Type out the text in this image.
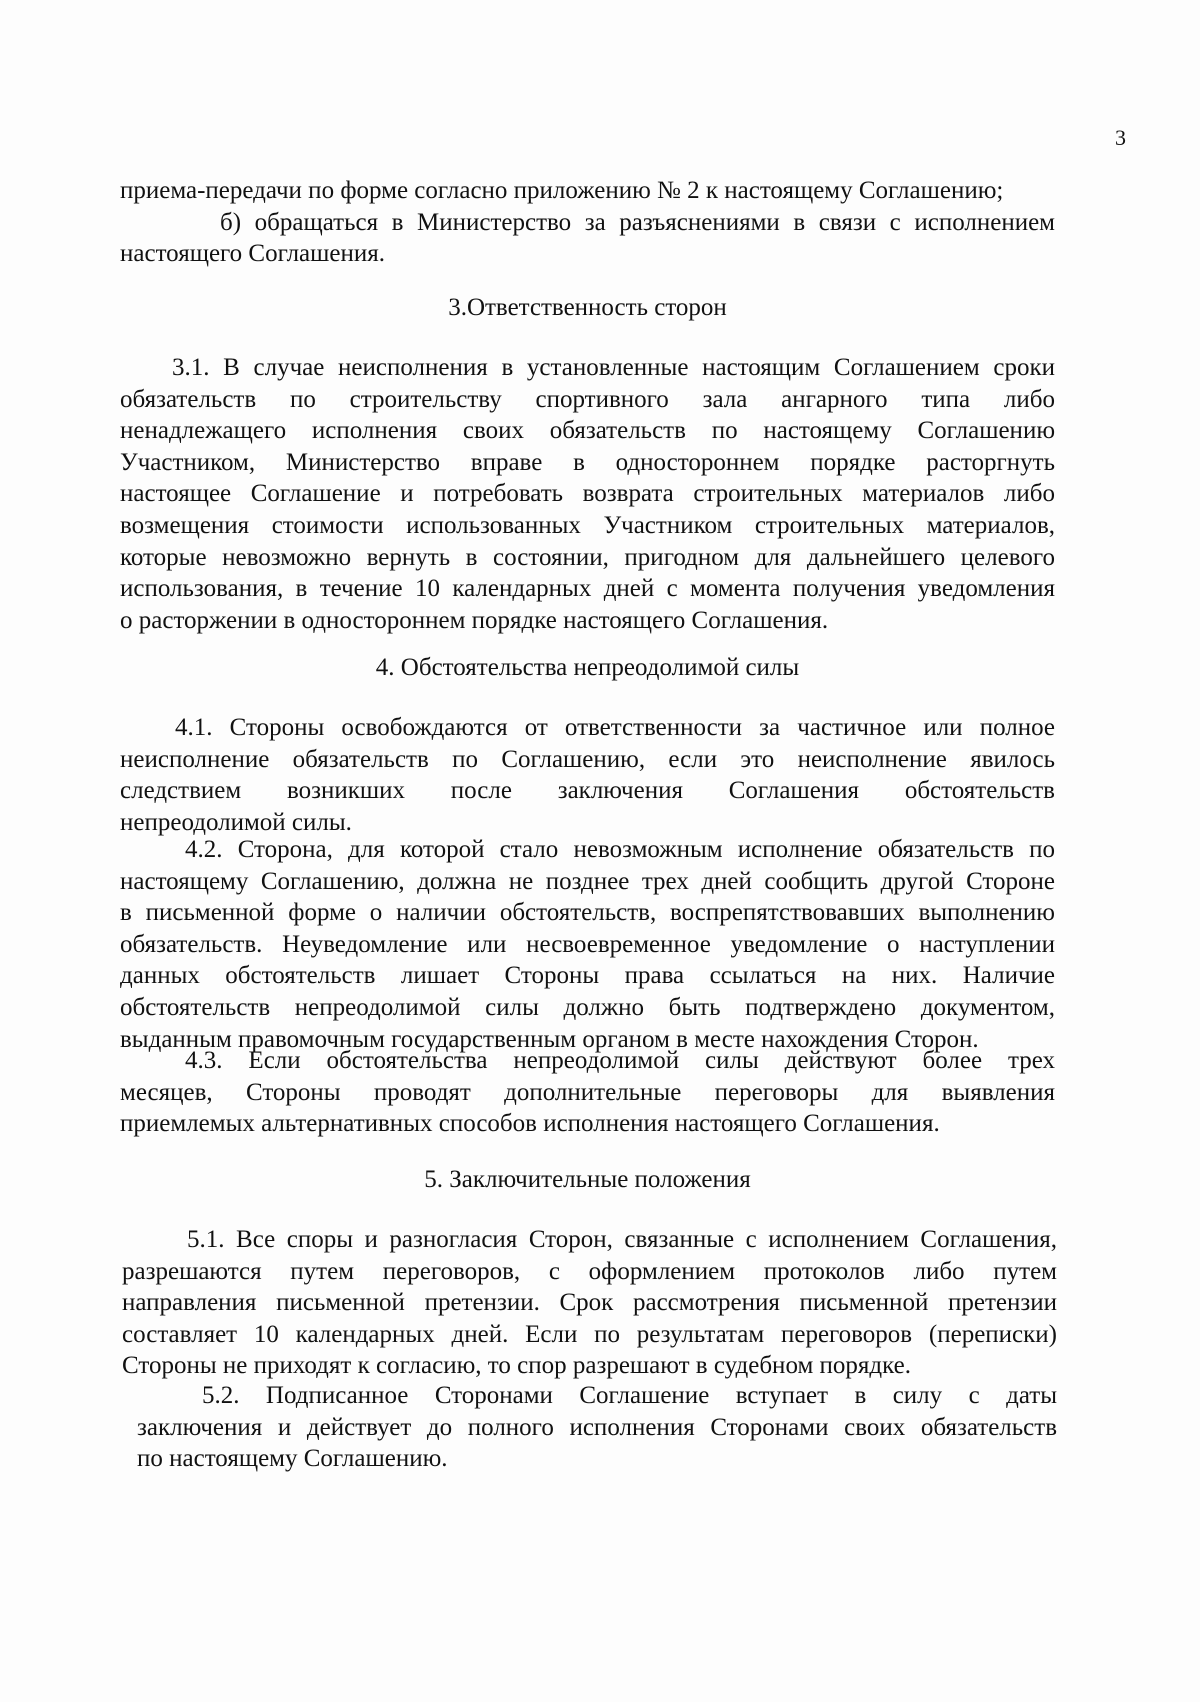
3
приема-передачи по форме согласно приложению № 2 к настоящему Соглашению;
б) обращаться в Министерство за разъяснениями в связи с исполнением
настоящего Соглашения.
3.Ответственность сторон
3.1. В случае неисполнения в установленные настоящим Соглашением сроки
обязательств по строительству спортивного зала ангарного типа либо
ненадлежащего исполнения своих обязательств по настоящему Соглашению
Участником, Министерство вправе в одностороннем порядке расторгнуть
настоящее Соглашение и потребовать возврата строительных материалов либо
возмещения стоимости использованных Участником строительных материалов,
которые невозможно вернуть в состоянии, пригодном для дальнейшего целевого
использования, в течение 10 календарных дней с момента получения уведомления
о расторжении в одностороннем порядке настоящего Соглашения.
4. Обстоятельства непреодолимой силы
4.1. Стороны освобождаются от ответственности за частичное или полное
неисполнение обязательств по Соглашению, если это неисполнение явилось
следствием возникших после заключения Соглашения обстоятельств
непреодолимой силы.
4.2. Сторона, для которой стало невозможным исполнение обязательств по
настоящему Соглашению, должна не позднее трех дней сообщить другой Стороне
в письменной форме о наличии обстоятельств, воспрепятствовавших выполнению
обязательств. Неуведомление или несвоевременное уведомление о наступлении
данных обстоятельств лишает Стороны права ссылаться на них. Наличие
обстоятельств непреодолимой силы должно быть подтверждено документом,
выданным правомочным государственным органом в месте нахождения Сторон.
4.3. Если обстоятельства непреодолимой силы действуют более трех
месяцев, Стороны проводят дополнительные переговоры для выявления
приемлемых альтернативных способов исполнения настоящего Соглашения.
5. Заключительные положения
5.1. Все споры и разногласия Сторон, связанные с исполнением Соглашения,
разрешаются путем переговоров, с оформлением протоколов либо путем
направления письменной претензии. Срок рассмотрения письменной претензии
составляет 10 календарных дней. Если по результатам переговоров (переписки)
Стороны не приходят к согласию, то спор разрешают в судебном порядке.
5.2. Подписанное Сторонами Соглашение вступает в силу с даты
заключения и действует до полного исполнения Сторонами своих обязательств
по настоящему Соглашению.
